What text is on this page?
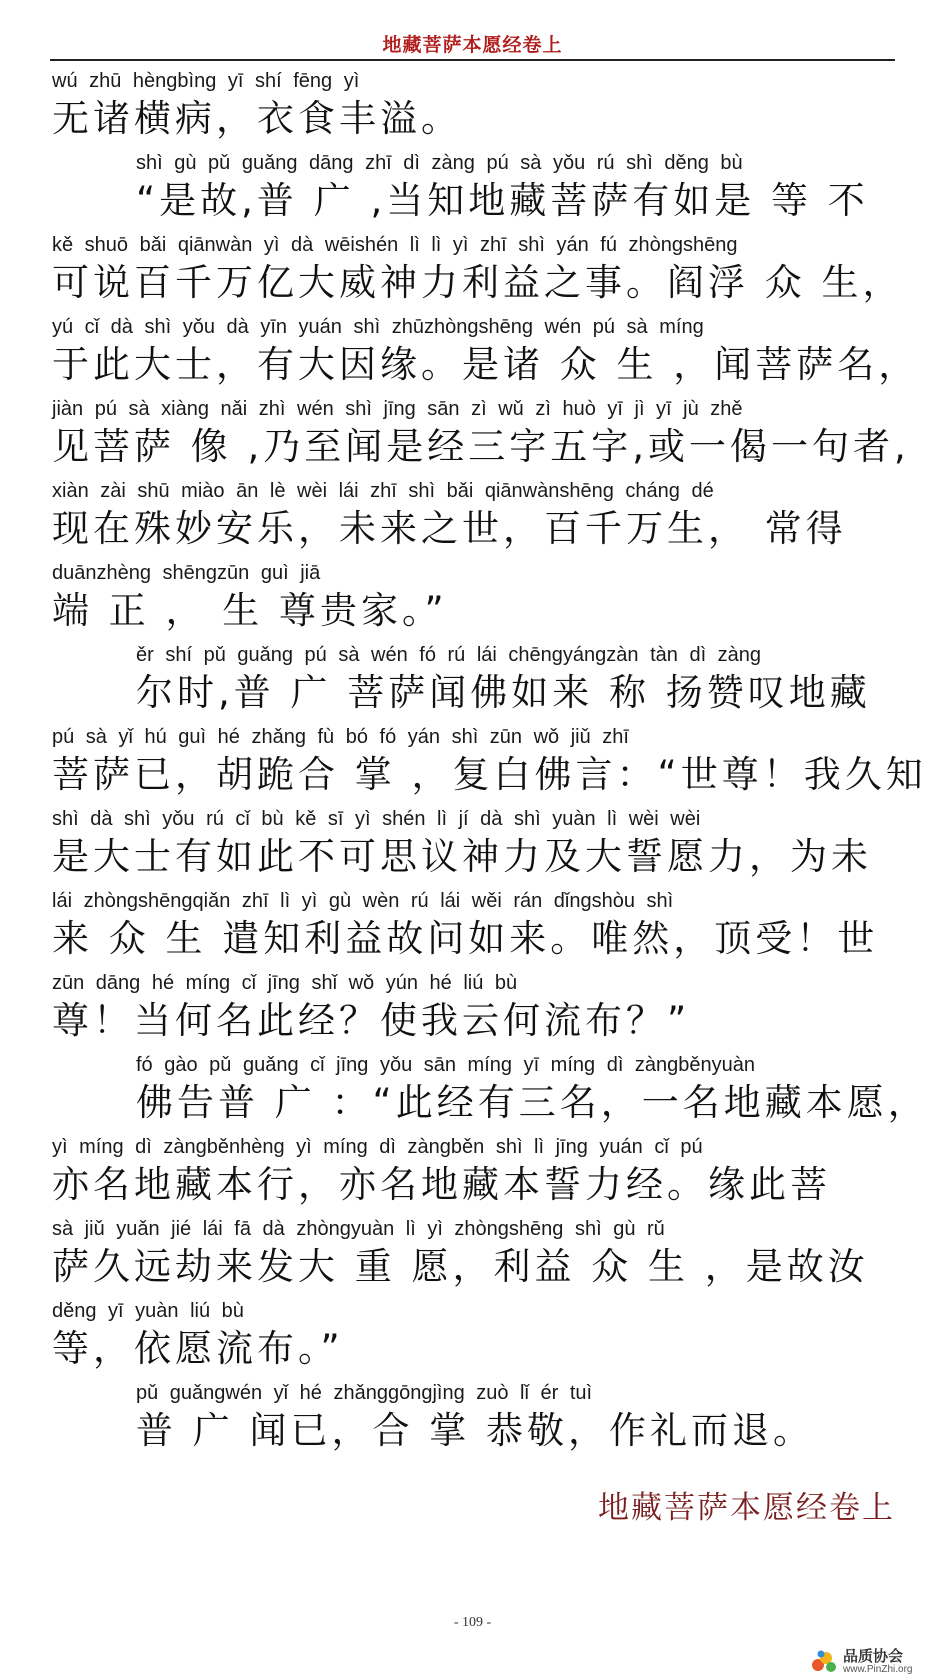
地藏菩萨本愿经卷上
wú zhū hèngbìng yī shí fēng yì
无诸横病，衣食丰溢。
shì gù pǔ guǎng dāng zhī dì zàng pú sà yǒu rú shì děng bù
“是故,普 广 ,当知地藏菩萨有如是 等 不
kě shuō bǎi qiānwàn yì dà wēishén lì lì yì zhī shì yán fú zhòngshēng
可说百千万亿大威神力利益之事。阎浮 众 生，
yú cǐ dà shì yǒu dà yīn yuán shì zhūzhòngshēng wén pú sà míng
于此大士，有大因缘。是诸 众 生 ，闻菩萨名，
jiàn pú sà xiàng nǎi zhì wén shì jīng sān zì wǔ zì huò yī jì yī jù zhě
见菩萨 像 ,乃至闻是经三字五字,或一偈一句者,
xiàn zài shū miào ān lè wèi lái zhī shì bǎi qiānwànshēng cháng dé
现在殊妙安乐，未来之世，百千万生， 常得
duānzhèng shēngzūn guì jiā
端 正 ， 生 尊贵家。”
ěr shí pǔ guǎng pú sà wén fó rú lái chēngyángzàn tàn dì zàng
尔时,普 广 菩萨闻佛如来 称 扬赞叹地藏
pú sà yǐ hú guì hé zhǎng fù bó fó yán shì zūn wǒ jiǔ zhī
菩萨已，胡跪合 掌 ，复白佛言：“世尊！我久知
shì dà shì yǒu rú cǐ bù kě sī yì shén lì jí dà shì yuàn lì wèi wèi
是大士有如此不可思议神力及大誓愿力，为未
lái zhòngshēngqiǎn zhī lì yì gù wèn rú lái wěi rán dǐngshòu shì
来 众 生 遣知利益故问如来。唯然，顶受！世
zūn dāng hé míng cǐ jīng shǐ wǒ yún hé liú bù
尊！当何名此经？使我云何流布？”
fó gào pǔ guǎng cǐ jīng yǒu sān míng yī míng dì zàngběnyuàn
佛告普 广 ：“此经有三名，一名地藏本愿，
yì míng dì zàngběnhèng yì míng dì zàngběn shì lì jīng yuán cǐ pú
亦名地藏本行，亦名地藏本誓力经。缘此菩
sà jiǔ yuǎn jié lái fā dà zhòngyuàn lì yì zhòngshēng shì gù rǔ
萨久远劫来发大 重 愿，利益 众 生 ，是故汝
děng yī yuàn liú bù
等，依愿流布。”
pǔ guǎngwén yǐ hé zhǎnggōngjìng zuò lǐ ér tuì
普 广 闻已，合 掌 恭敬，作礼而退。
地藏菩萨本愿经卷上
- 109 -
品质协会
www.PinZhi.org
